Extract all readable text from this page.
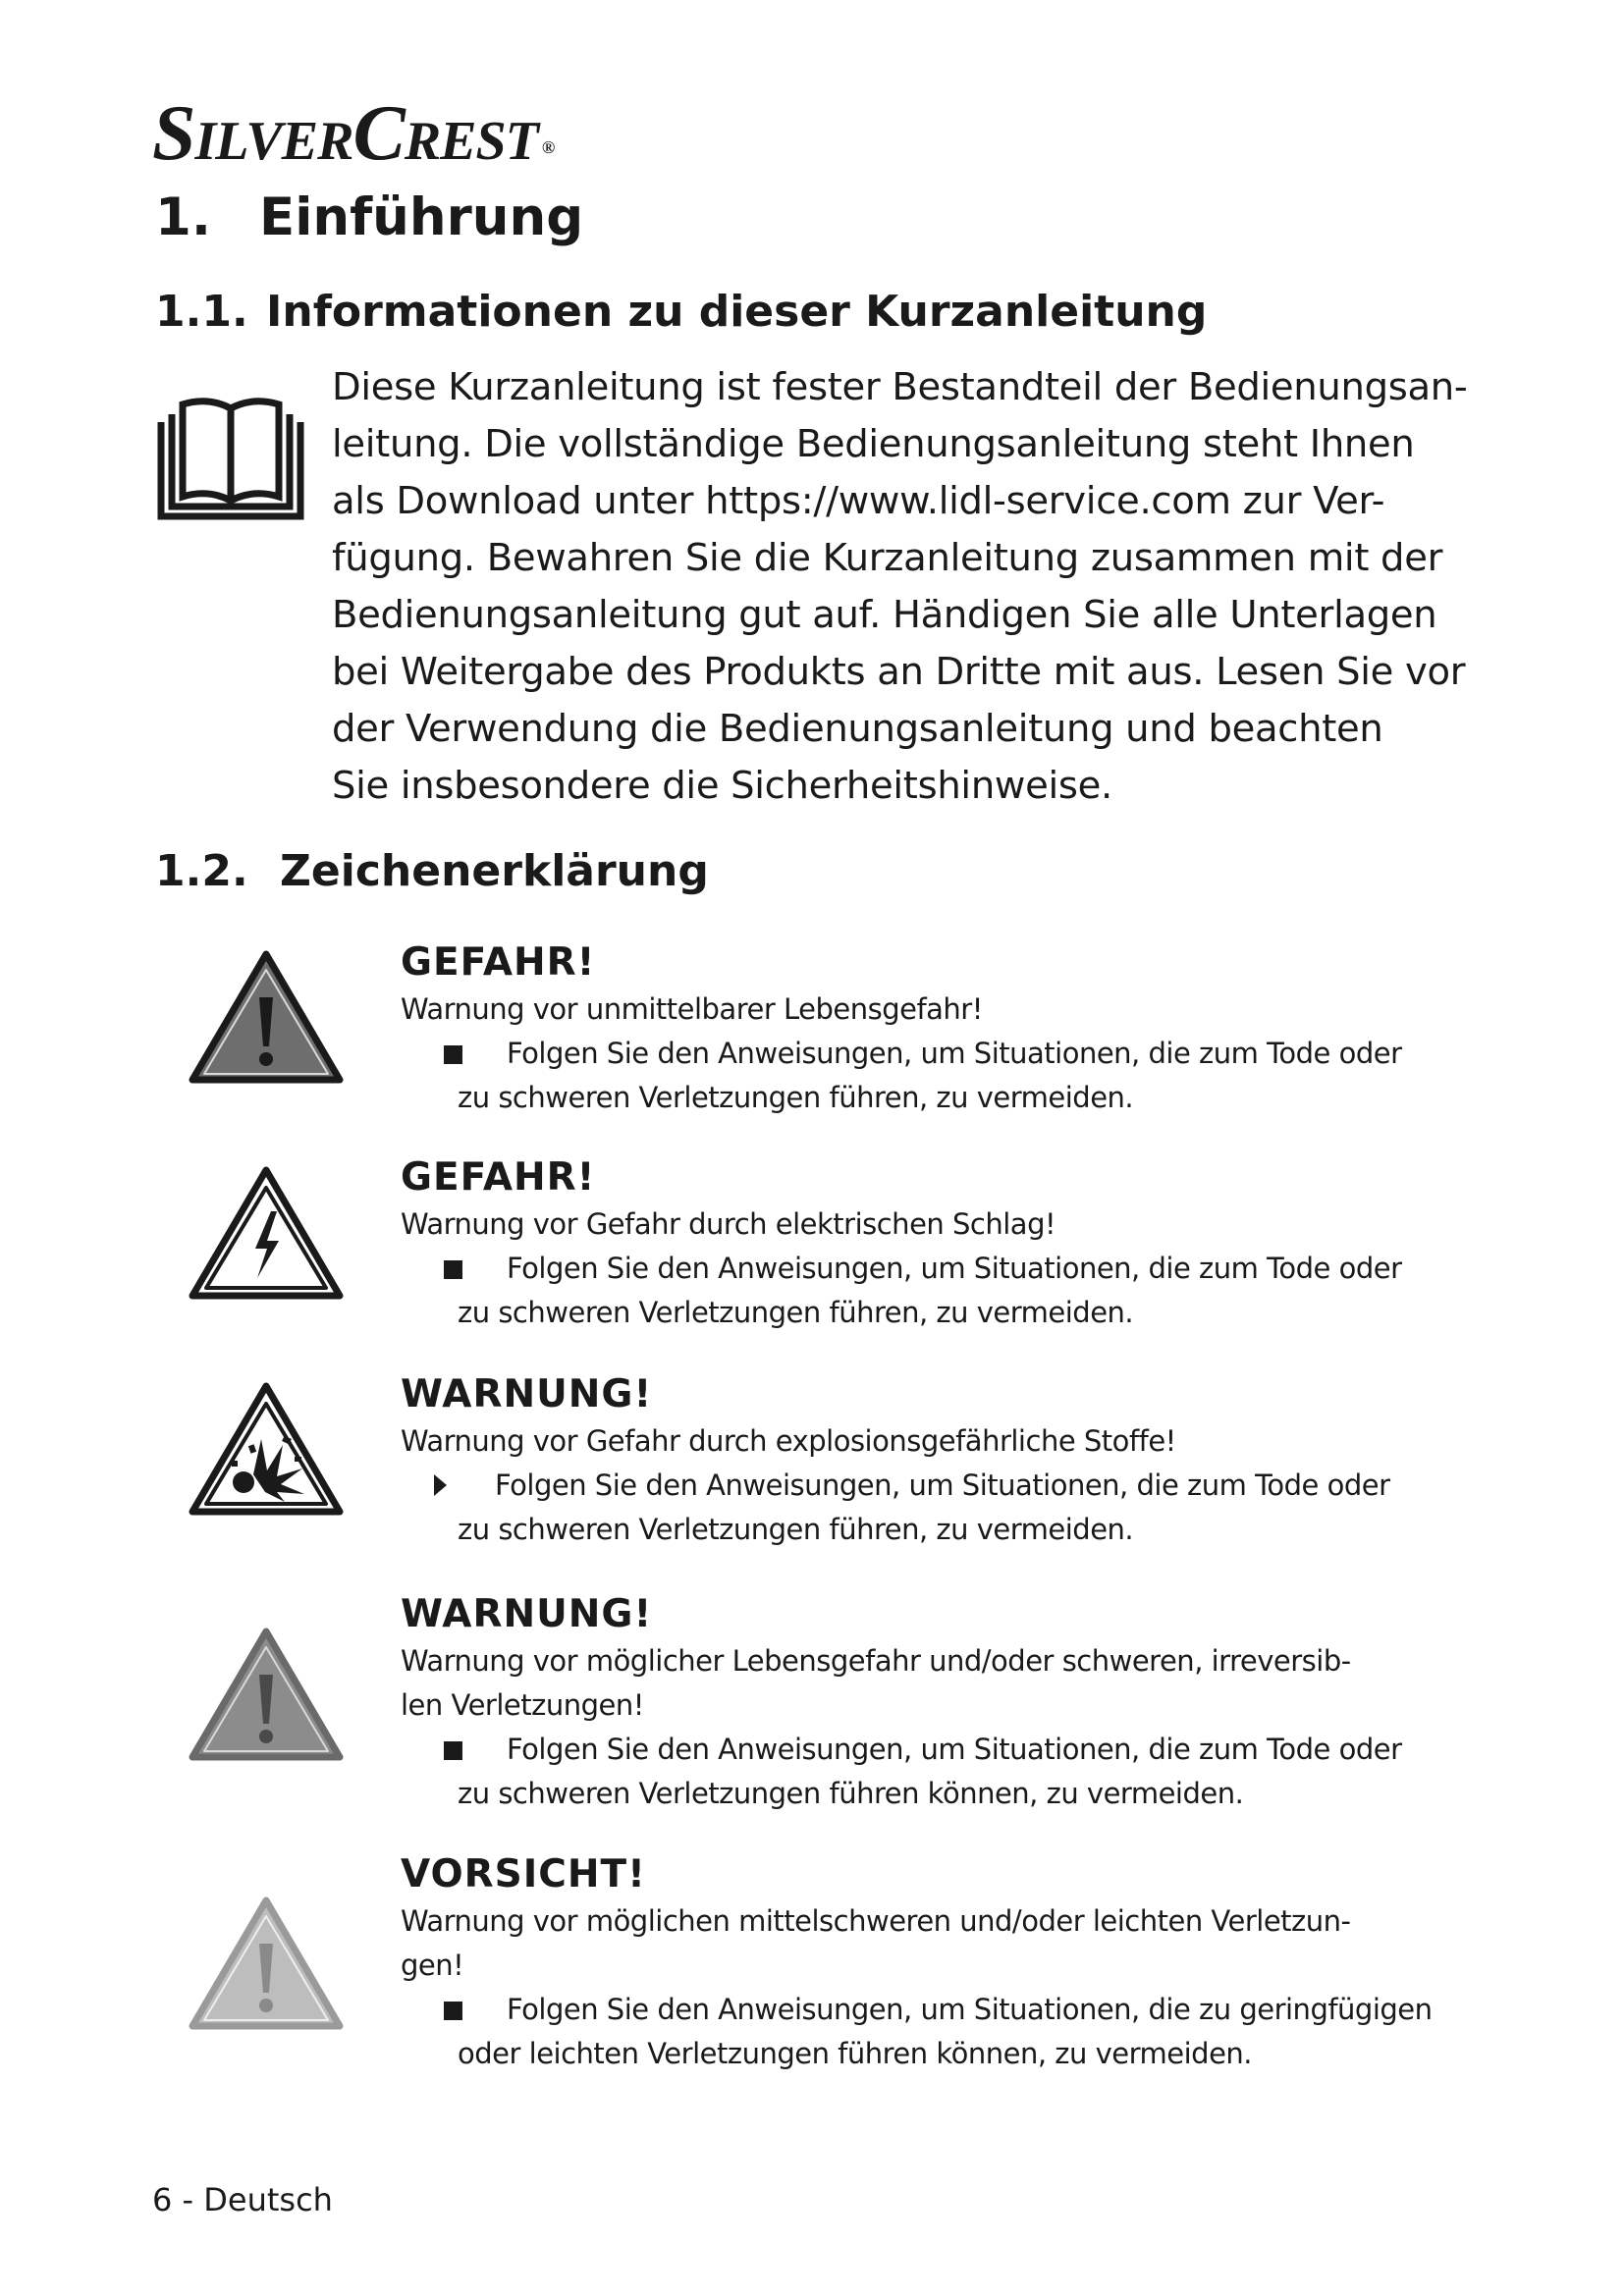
SilverCrest ®
1. Einführung
1.1. Informationen zu dieser Kurzanleitung
Diese Kurzanleitung ist fester Bestandteil der Bedienungsan-
leitung. Die vollständige Bedienungsanleitung steht Ihnen
als Download unter https://www.lidl-service.com zur Ver-
fügung. Bewahren Sie die Kurzanleitung zusammen mit der
Bedienungsanleitung gut auf. Händigen Sie alle Unterlagen
bei Weitergabe des Produkts an Dritte mit aus. Lesen Sie vor
der Verwendung die Bedienungsanleitung und beachten
Sie insbesondere die Sicherheitshinweise.
1.2. Zeichenerklärung
GEFAHR!
Warnung vor unmittelbarer Lebensgefahr!
Folgen Sie den Anweisungen, um Situationen, die zum Tode oder
zu schweren Verletzungen führen, zu vermeiden.
GEFAHR!
Warnung vor Gefahr durch elektrischen Schlag!
Folgen Sie den Anweisungen, um Situationen, die zum Tode oder
zu schweren Verletzungen führen, zu vermeiden.
WARNUNG!
Warnung vor Gefahr durch explosionsgefährliche Stoffe!
Folgen Sie den Anweisungen, um Situationen, die zum Tode oder
zu schweren Verletzungen führen, zu vermeiden.
WARNUNG!
Warnung vor möglicher Lebensgefahr und/oder schweren, irreversib-
len Verletzungen!
Folgen Sie den Anweisungen, um Situationen, die zum Tode oder
zu schweren Verletzungen führen können, zu vermeiden.
VORSICHT!
Warnung vor möglichen mittelschweren und/oder leichten Verletzun-
gen!
Folgen Sie den Anweisungen, um Situationen, die zu geringfügigen
oder leichten Verletzungen führen können, zu vermeiden.
6 - Deutsch
